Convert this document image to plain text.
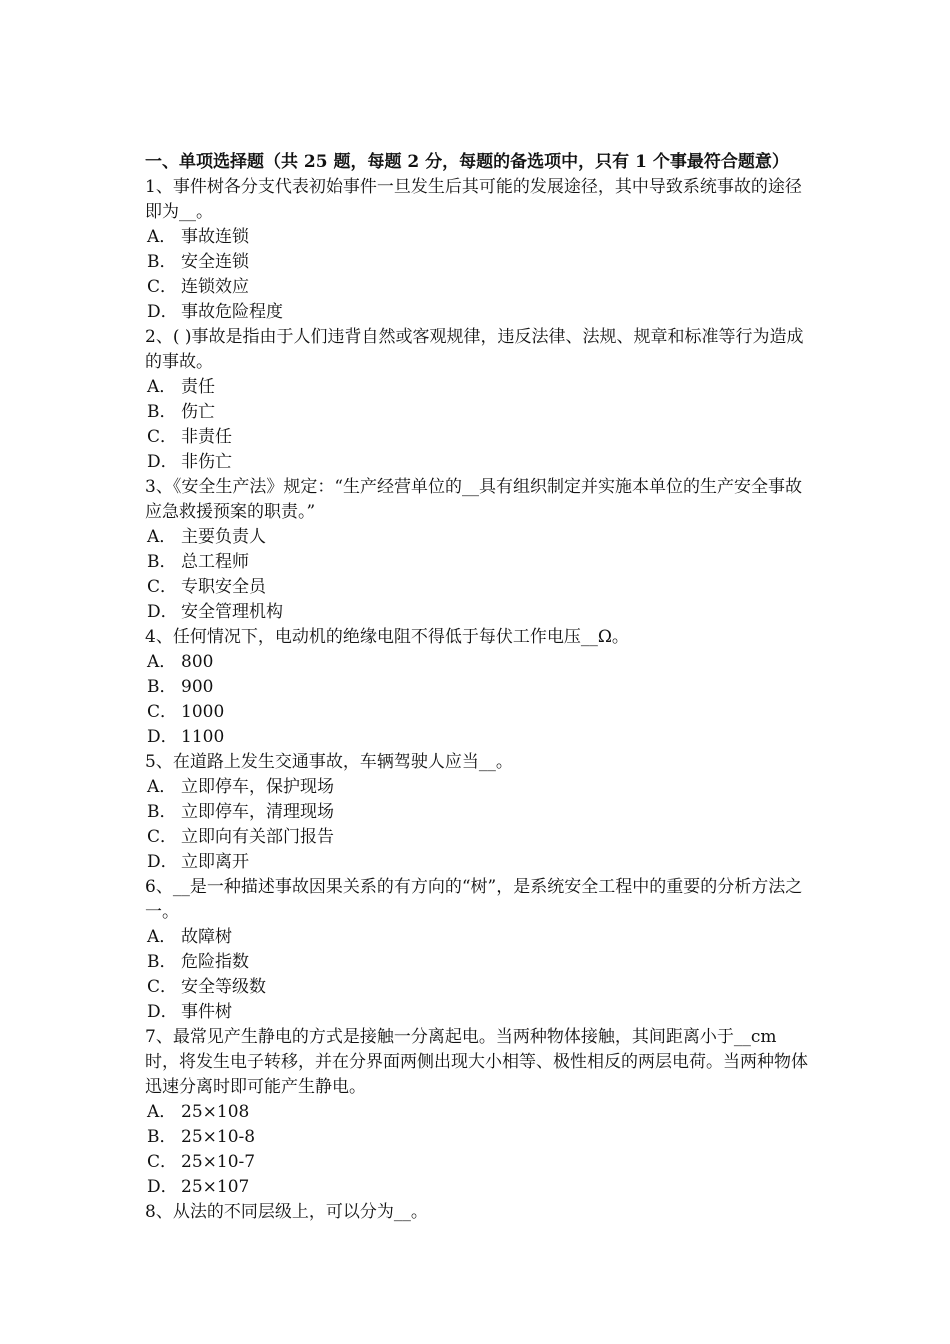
一、单项选择题（共 25 题，每题 2 分，每题的备选项中，只有 1 个事最符合题意）

1、事件树各分支代表初始事件一旦发生后其可能的发展途径，其中导致系统事故的途径即为__。

A． 事故连锁

B． 安全连锁

C． 连锁效应

D． 事故危险程度

2、( )事故是指由于人们违背自然或客观规律，违反法律、法规、规章和标准等行为造成的事故。

A． 责任

B． 伤亡

C． 非责任

D． 非伤亡

3、《安全生产法》规定：“生产经营单位的__具有组织制定并实施本单位的生产安全事故应急救援预案的职责。”

A． 主要负责人

B． 总工程师

C． 专职安全员

D． 安全管理机构

4、任何情况下，电动机的绝缘电阻不得低于每伏工作电压__Ω。

A． 800

B． 900

C． 1000

D． 1100

5、在道路上发生交通事故，车辆驾驶人应当__。

A． 立即停车，保护现场

B． 立即停车，清理现场

C． 立即向有关部门报告

D． 立即离开

6、__是一种描述事故因果关系的有方向的“树”，是系统安全工程中的重要的分析方法之一。

A． 故障树

B． 危险指数

C． 安全等级数

D． 事件树

7、最常见产生静电的方式是接触一分离起电。当两种物体接触，其间距离小于__cm 时，将发生电子转移，并在分界面两侧出现大小相等、极性相反的两层电荷。当两种物体迅速分离时即可能产生静电。

A． 25×108

B． 25×10-8

C． 25×10-7

D． 25×107

8、从法的不同层级上，可以分为__。
